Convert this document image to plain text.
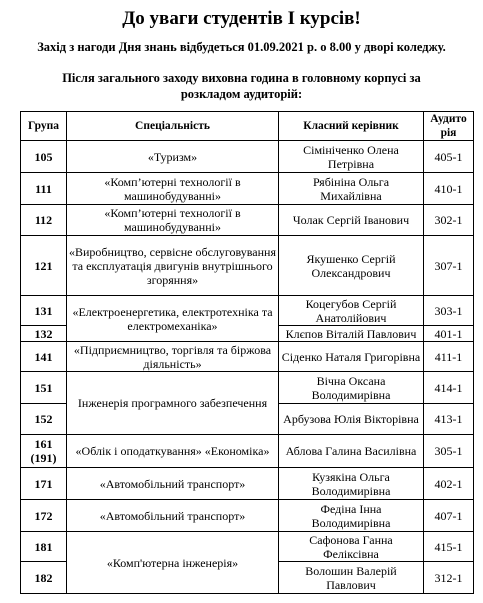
До уваги студентів І курсів!
Захід з нагоди Дня знань відбудеться 01.09.2021 р. о 8.00 у дворі коледжу.
Після загального заходу виховна година в головному корпусі за розкладом аудиторій:
Група	Спеціальність	Класний керівник	Аудито рія
105	«Туризм»	Сімініченко Олена Петрівна	405-1
111	«Комп’ютерні технології в машинобудуванні»	Рябініна Ольга Михайлівна	410-1
112	«Комп’ютерні технології в машинобудуванні»	Чолак Сергій Іванович	302-1
121	«Виробництво, сервісне обслуговування та експлуатація двигунів внутрішнього згоряння»	Якушенко Сергій Олександрович	307-1
131	«Електроенергетика, електротехніка та електромеханіка»	Коцегубов Сергій Анатолійович	303-1
132		Клєпов Віталій Павлович	401-1
141	«Підприємництво, торгівля та біржова діяльність»	Сіденко Наталя Григорівна	411-1
151	Інженерія програмного забезпечення	Вічна Оксана Володимирівна	414-1
152		Арбузова Юлія Вікторівна	413-1
161 (191)	«Облік і оподаткування» «Економіка»	Аблова Галина Василівна	305-1
171	«Автомобільний транспорт»	Кузякіна Ольга Володимирівна	402-1
172	«Автомобільний транспорт»	Федіна Інна Володимирівна	407-1
181	«Комп'ютерна інженерія»	Сафонова Ганна Феліксівна	415-1
182		Волошин Валерій Павлович	312-1
